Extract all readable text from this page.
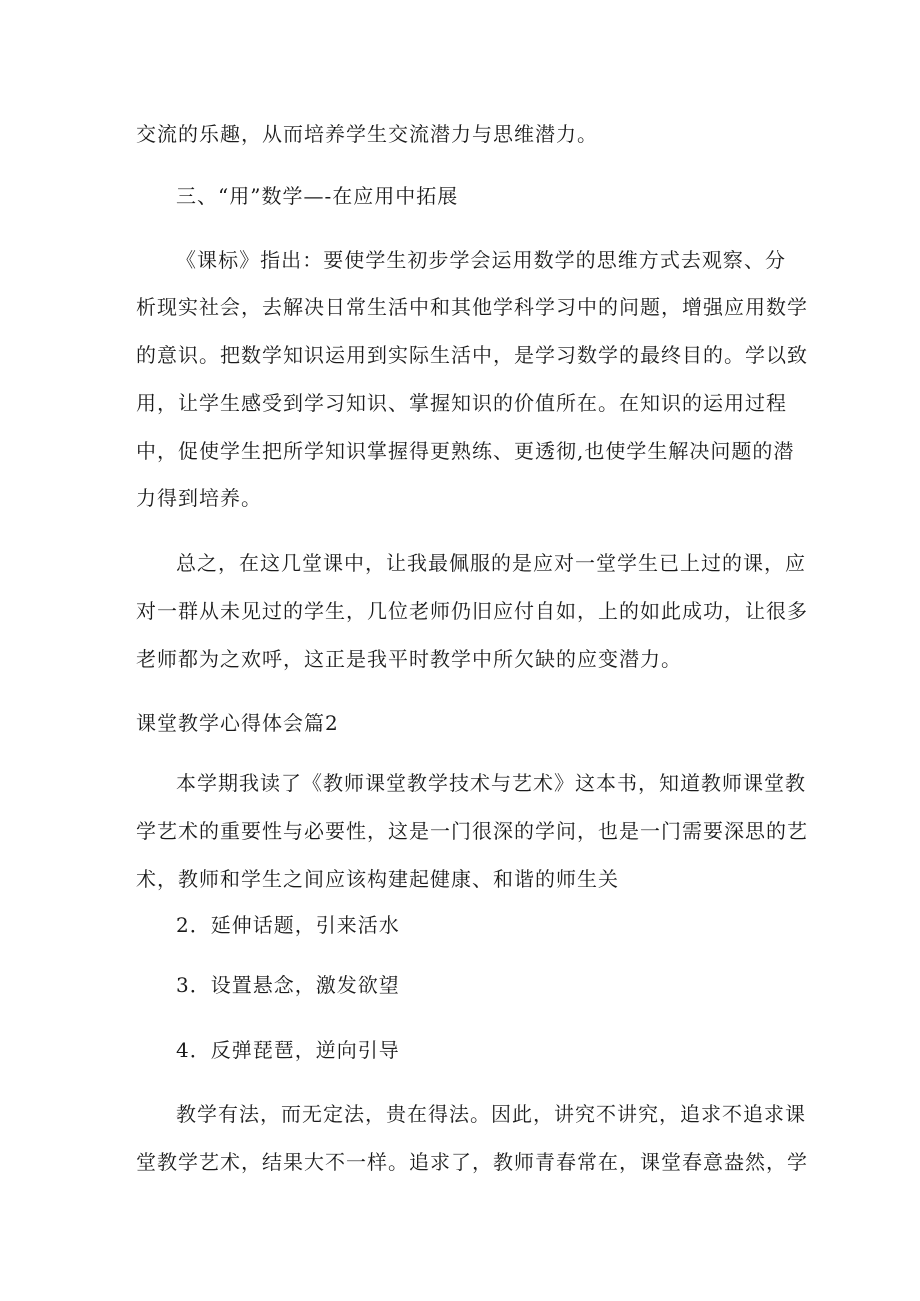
交流的乐趣，从而培养学生交流潜力与思维潜力。
三、“用”数学—-在应用中拓展
《课标》指出：要使学生初步学会运用数学的思维方式去观察、分
析现实社会，去解决日常生活中和其他学科学习中的问题，增强应用数学
的意识。把数学知识运用到实际生活中，是学习数学的最终目的。学以致
用，让学生感受到学习知识、掌握知识的价值所在。在知识的运用过程
中，促使学生把所学知识掌握得更熟练、更透彻,也使学生解决问题的潜
力得到培养。
总之，在这几堂课中，让我最佩服的是应对一堂学生已上过的课，应
对一群从未见过的学生，几位老师仍旧应付自如，上的如此成功，让很多
老师都为之欢呼，这正是我平时教学中所欠缺的应变潜力。
课堂教学心得体会篇2
本学期我读了《教师课堂教学技术与艺术》这本书，知道教师课堂教
学艺术的重要性与必要性，这是一门很深的学问，也是一门需要深思的艺
术，教师和学生之间应该构建起健康、和谐的师生关
2．延伸话题，引来活水
3．设置悬念，激发欲望
4．反弹琵琶，逆向引导
教学有法，而无定法，贵在得法。因此，讲究不讲究，追求不追求课
堂教学艺术，结果大不一样。追求了，教师青春常在，课堂春意盎然，学
